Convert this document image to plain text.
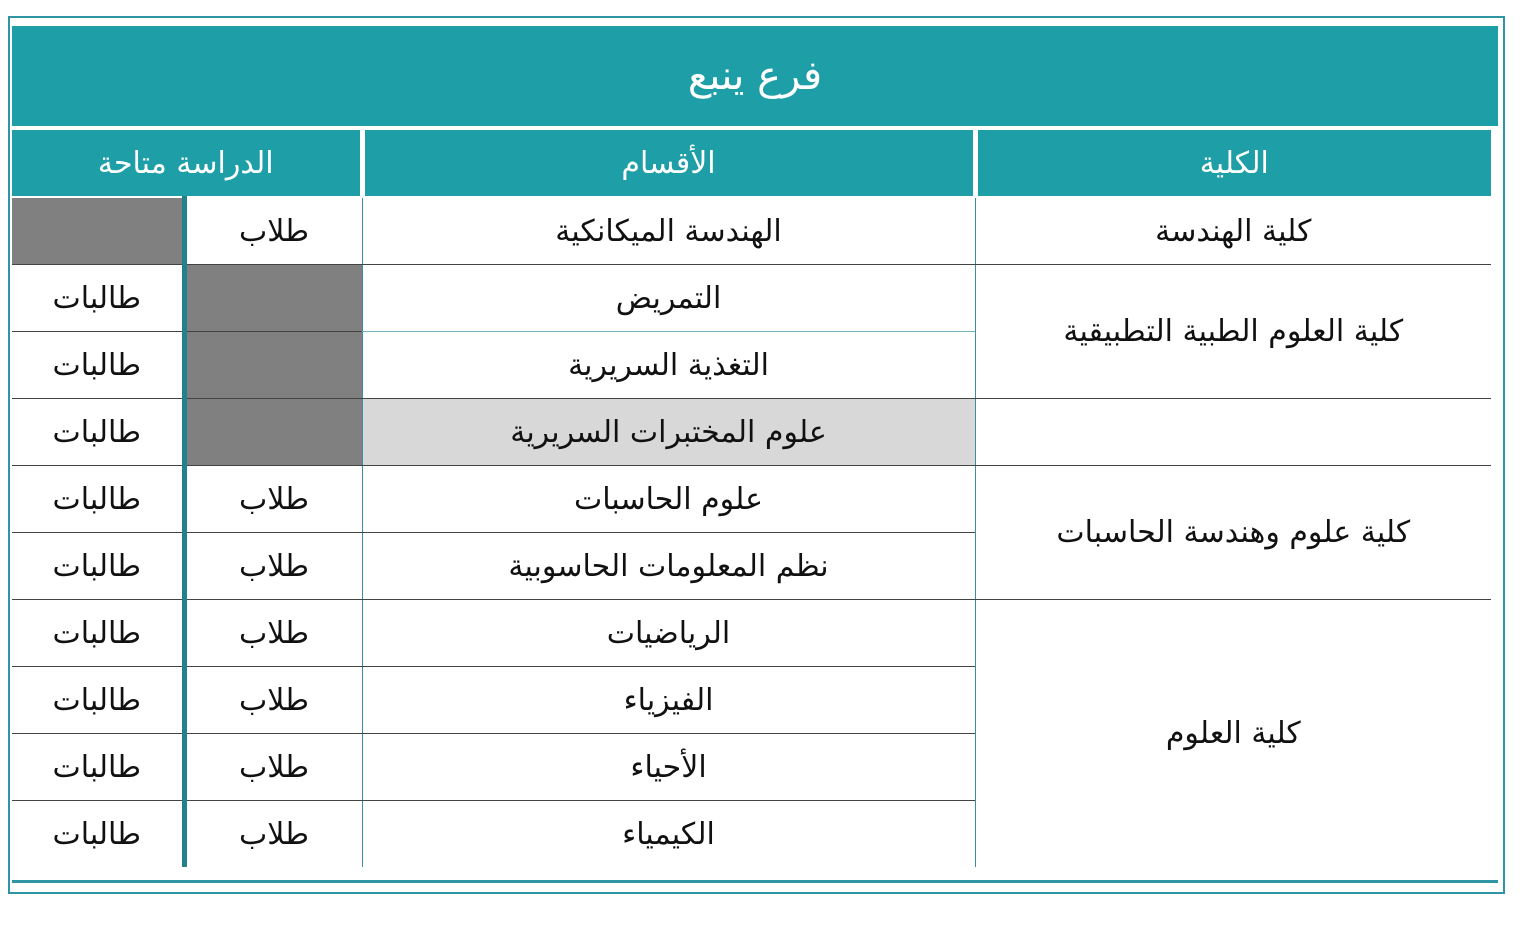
فرع ينبع
الكلية	الأقسام	الدراسة متاحة	
كلية الهندسة	الهندسة الميكانكية	طلاب	
كلية العلوم الطبية التطبيقية	التمريض		طالبات
	التغذية السريرية		طالبات
	علوم المختبرات السريرية		طالبات
كلية علوم وهندسة الحاسبات	علوم الحاسبات	طلاب	طالبات
	نظم المعلومات الحاسوبية	طلاب	طالبات
كلية العلوم	الرياضيات	طلاب	طالبات
	الفيزياء	طلاب	طالبات
	الأحياء	طلاب	طالبات
	الكيمياء	طلاب	طالبات
